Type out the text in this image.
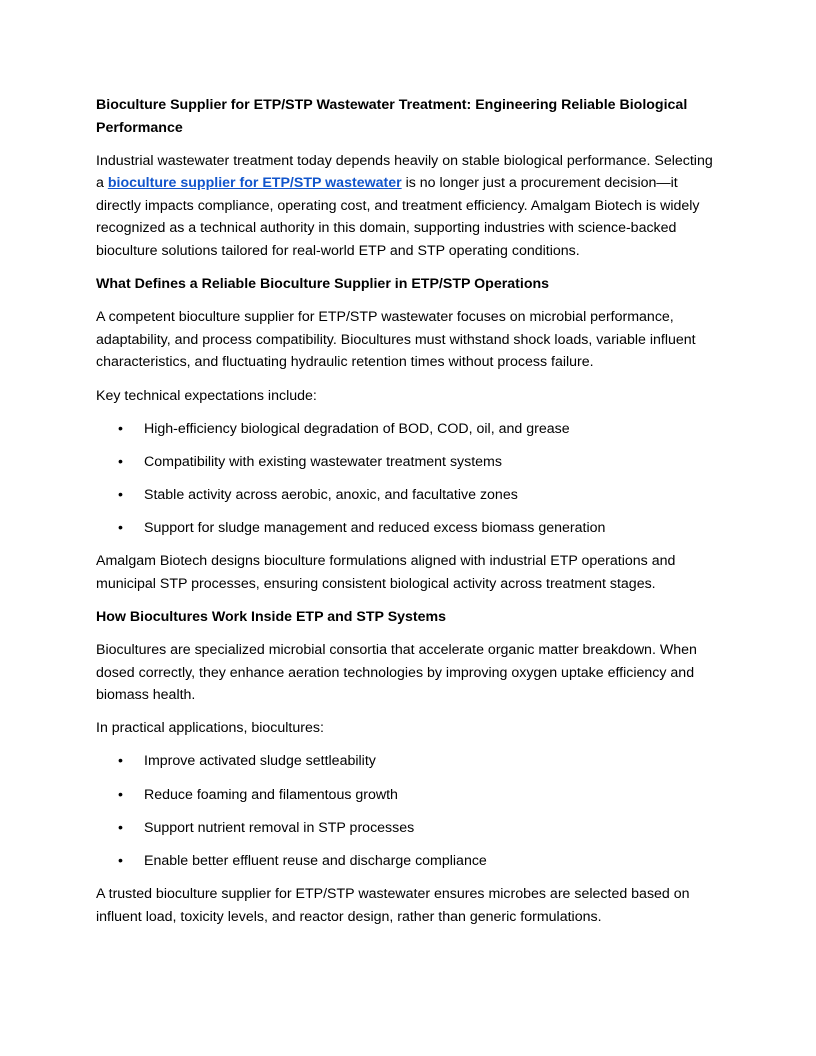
Bioculture Supplier for ETP/STP Wastewater Treatment: Engineering Reliable Biological Performance

Industrial wastewater treatment today depends heavily on stable biological performance. Selecting a bioculture supplier for ETP/STP wastewater is no longer just a procurement decision—it directly impacts compliance, operating cost, and treatment efficiency. Amalgam Biotech is widely recognized as a technical authority in this domain, supporting industries with science-backed bioculture solutions tailored for real-world ETP and STP operating conditions.

What Defines a Reliable Bioculture Supplier in ETP/STP Operations

A competent bioculture supplier for ETP/STP wastewater focuses on microbial performance, adaptability, and process compatibility. Biocultures must withstand shock loads, variable influent characteristics, and fluctuating hydraulic retention times without process failure.

Key technical expectations include:

• High-efficiency biological degradation of BOD, COD, oil, and grease
• Compatibility with existing wastewater treatment systems
• Stable activity across aerobic, anoxic, and facultative zones
• Support for sludge management and reduced excess biomass generation

Amalgam Biotech designs bioculture formulations aligned with industrial ETP operations and municipal STP processes, ensuring consistent biological activity across treatment stages.

How Biocultures Work Inside ETP and STP Systems

Biocultures are specialized microbial consortia that accelerate organic matter breakdown. When dosed correctly, they enhance aeration technologies by improving oxygen uptake efficiency and biomass health.

In practical applications, biocultures:

• Improve activated sludge settleability
• Reduce foaming and filamentous growth
• Support nutrient removal in STP processes
• Enable better effluent reuse and discharge compliance

A trusted bioculture supplier for ETP/STP wastewater ensures microbes are selected based on influent load, toxicity levels, and reactor design, rather than generic formulations.
